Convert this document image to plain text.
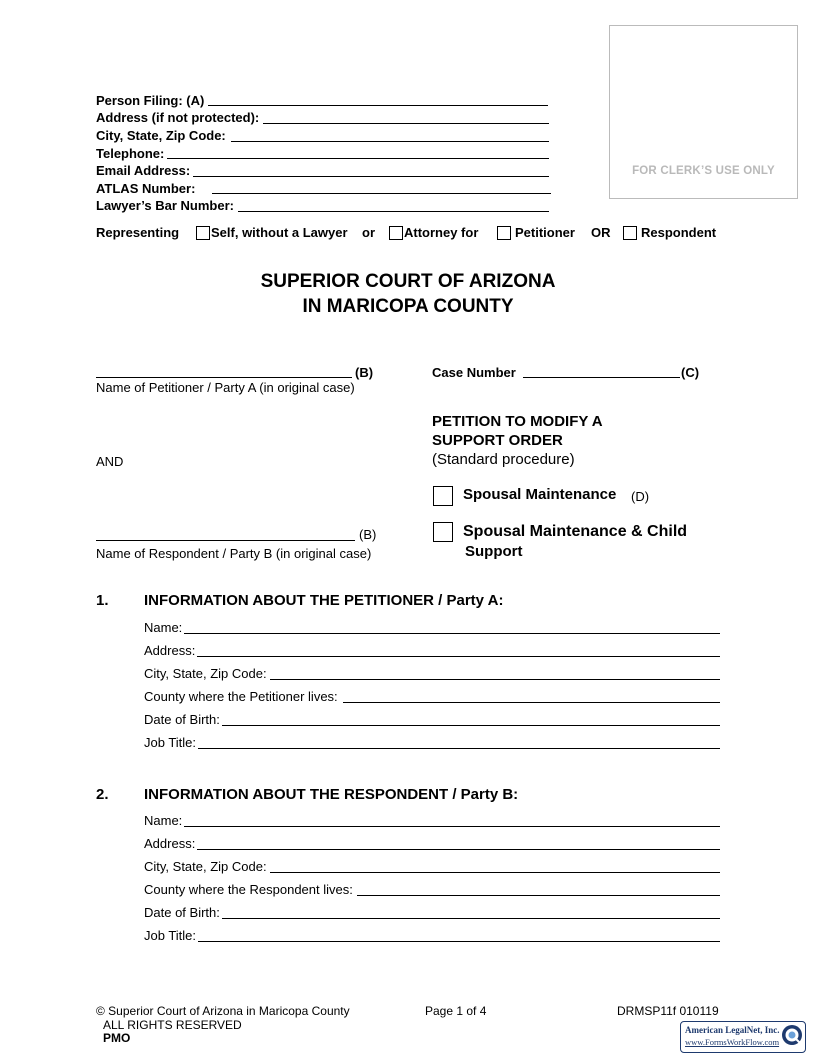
Person Filing: (A)
Address (if not protected):
City, State, Zip Code:
Telephone:
Email Address:
ATLAS Number:
Lawyer’s Bar Number:
FOR CLERK’S USE ONLY
Representing Self, without a Lawyer or Attorney for	Petitioner OR Respondent
SUPERIOR COURT OF ARIZONA
IN MARICOPA COUNTY
(B)
Name of Petitioner / Party A (in original case)
AND
(B)
Name of Respondent / Party B (in original case)
Case Number	(C)
PETITION TO MODIFY A
SUPPORT ORDER
(Standard procedure)
Spousal Maintenance (D)
Spousal Maintenance & Child
Support
1. INFORMATION ABOUT THE PETITIONER / Party A:
Name:
Address:
City, State, Zip Code:
County where the Petitioner lives:
Date of Birth:
Job Title:
2. INFORMATION ABOUT THE RESPONDENT / Party B:
Name:
Address:
City, State, Zip Code:
County where the Respondent lives:
Date of Birth:
Job Title:
© Superior Court of Arizona in Maricopa County
ALL RIGHTS RESERVED
PMO
Page 1 of 4	DRMSP11f 010119
American LegalNet, Inc.
www.FormsWorkFlow.com
